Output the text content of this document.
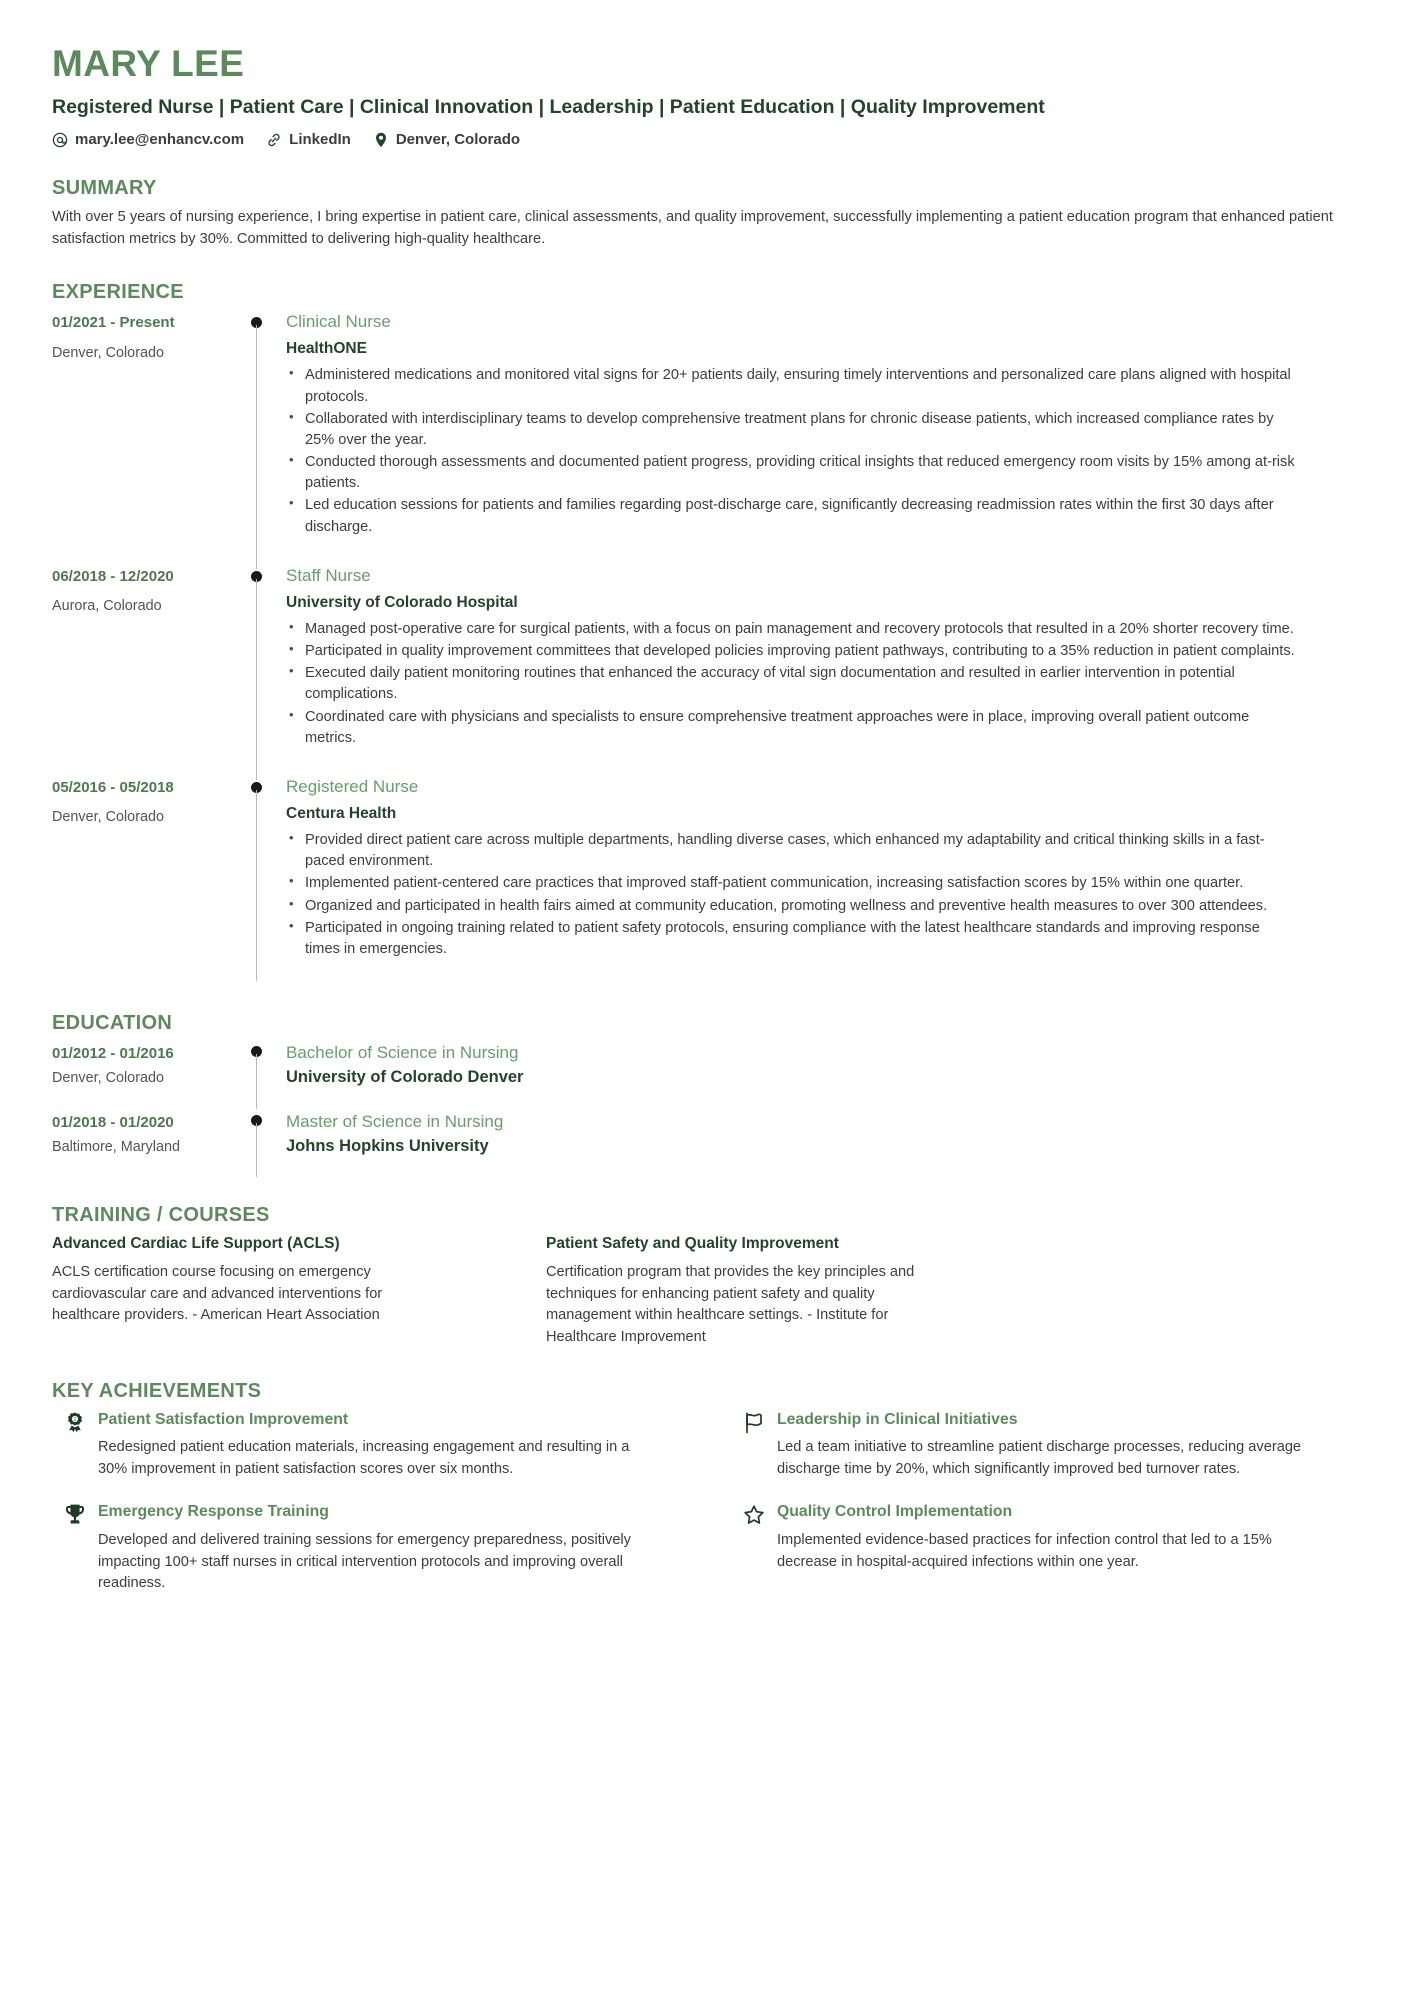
MARY LEE
Registered Nurse | Patient Care | Clinical Innovation | Leadership | Patient Education | Quality Improvement
mary.lee@enhancv.com	LinkedIn	Denver, Colorado
SUMMARY
With over 5 years of nursing experience, I bring expertise in patient care, clinical assessments, and quality improvement, successfully implementing a patient education program that enhanced patient satisfaction metrics by 30%. Committed to delivering high-quality healthcare.
EXPERIENCE
01/2021 - Present
Denver, Colorado
Clinical Nurse
HealthONE
• Administered medications and monitored vital signs for 20+ patients daily, ensuring timely interventions and personalized care plans aligned with hospital protocols.
• Collaborated with interdisciplinary teams to develop comprehensive treatment plans for chronic disease patients, which increased compliance rates by 25% over the year.
• Conducted thorough assessments and documented patient progress, providing critical insights that reduced emergency room visits by 15% among at-risk patients.
• Led education sessions for patients and families regarding post-discharge care, significantly decreasing readmission rates within the first 30 days after discharge.
06/2018 - 12/2020
Aurora, Colorado
Staff Nurse
University of Colorado Hospital
• Managed post-operative care for surgical patients, with a focus on pain management and recovery protocols that resulted in a 20% shorter recovery time.
• Participated in quality improvement committees that developed policies improving patient pathways, contributing to a 35% reduction in patient complaints.
• Executed daily patient monitoring routines that enhanced the accuracy of vital sign documentation and resulted in earlier intervention in potential complications.
• Coordinated care with physicians and specialists to ensure comprehensive treatment approaches were in place, improving overall patient outcome metrics.
05/2016 - 05/2018
Denver, Colorado
Registered Nurse
Centura Health
• Provided direct patient care across multiple departments, handling diverse cases, which enhanced my adaptability and critical thinking skills in a fast-paced environment.
• Implemented patient-centered care practices that improved staff-patient communication, increasing satisfaction scores by 15% within one quarter.
• Organized and participated in health fairs aimed at community education, promoting wellness and preventive health measures to over 300 attendees.
• Participated in ongoing training related to patient safety protocols, ensuring compliance with the latest healthcare standards and improving response times in emergencies.
EDUCATION
01/2012 - 01/2016
Denver, Colorado
Bachelor of Science in Nursing
University of Colorado Denver
01/2018 - 01/2020
Baltimore, Maryland
Master of Science in Nursing
Johns Hopkins University
TRAINING / COURSES
Advanced Cardiac Life Support (ACLS)
ACLS certification course focusing on emergency cardiovascular care and advanced interventions for healthcare providers. - American Heart Association
Patient Safety and Quality Improvement
Certification program that provides the key principles and techniques for enhancing patient safety and quality management within healthcare settings. - Institute for Healthcare Improvement
KEY ACHIEVEMENTS
1 Patient Satisfaction Improvement
Redesigned patient education materials, increasing engagement and resulting in a 30% improvement in patient satisfaction scores over six months.
Leadership in Clinical Initiatives
Led a team initiative to streamline patient discharge processes, reducing average discharge time by 20%, which significantly improved bed turnover rates.
Emergency Response Training
Developed and delivered training sessions for emergency preparedness, positively impacting 100+ staff nurses in critical intervention protocols and improving overall readiness.
Quality Control Implementation
Implemented evidence-based practices for infection control that led to a 15% decrease in hospital-acquired infections within one year.
